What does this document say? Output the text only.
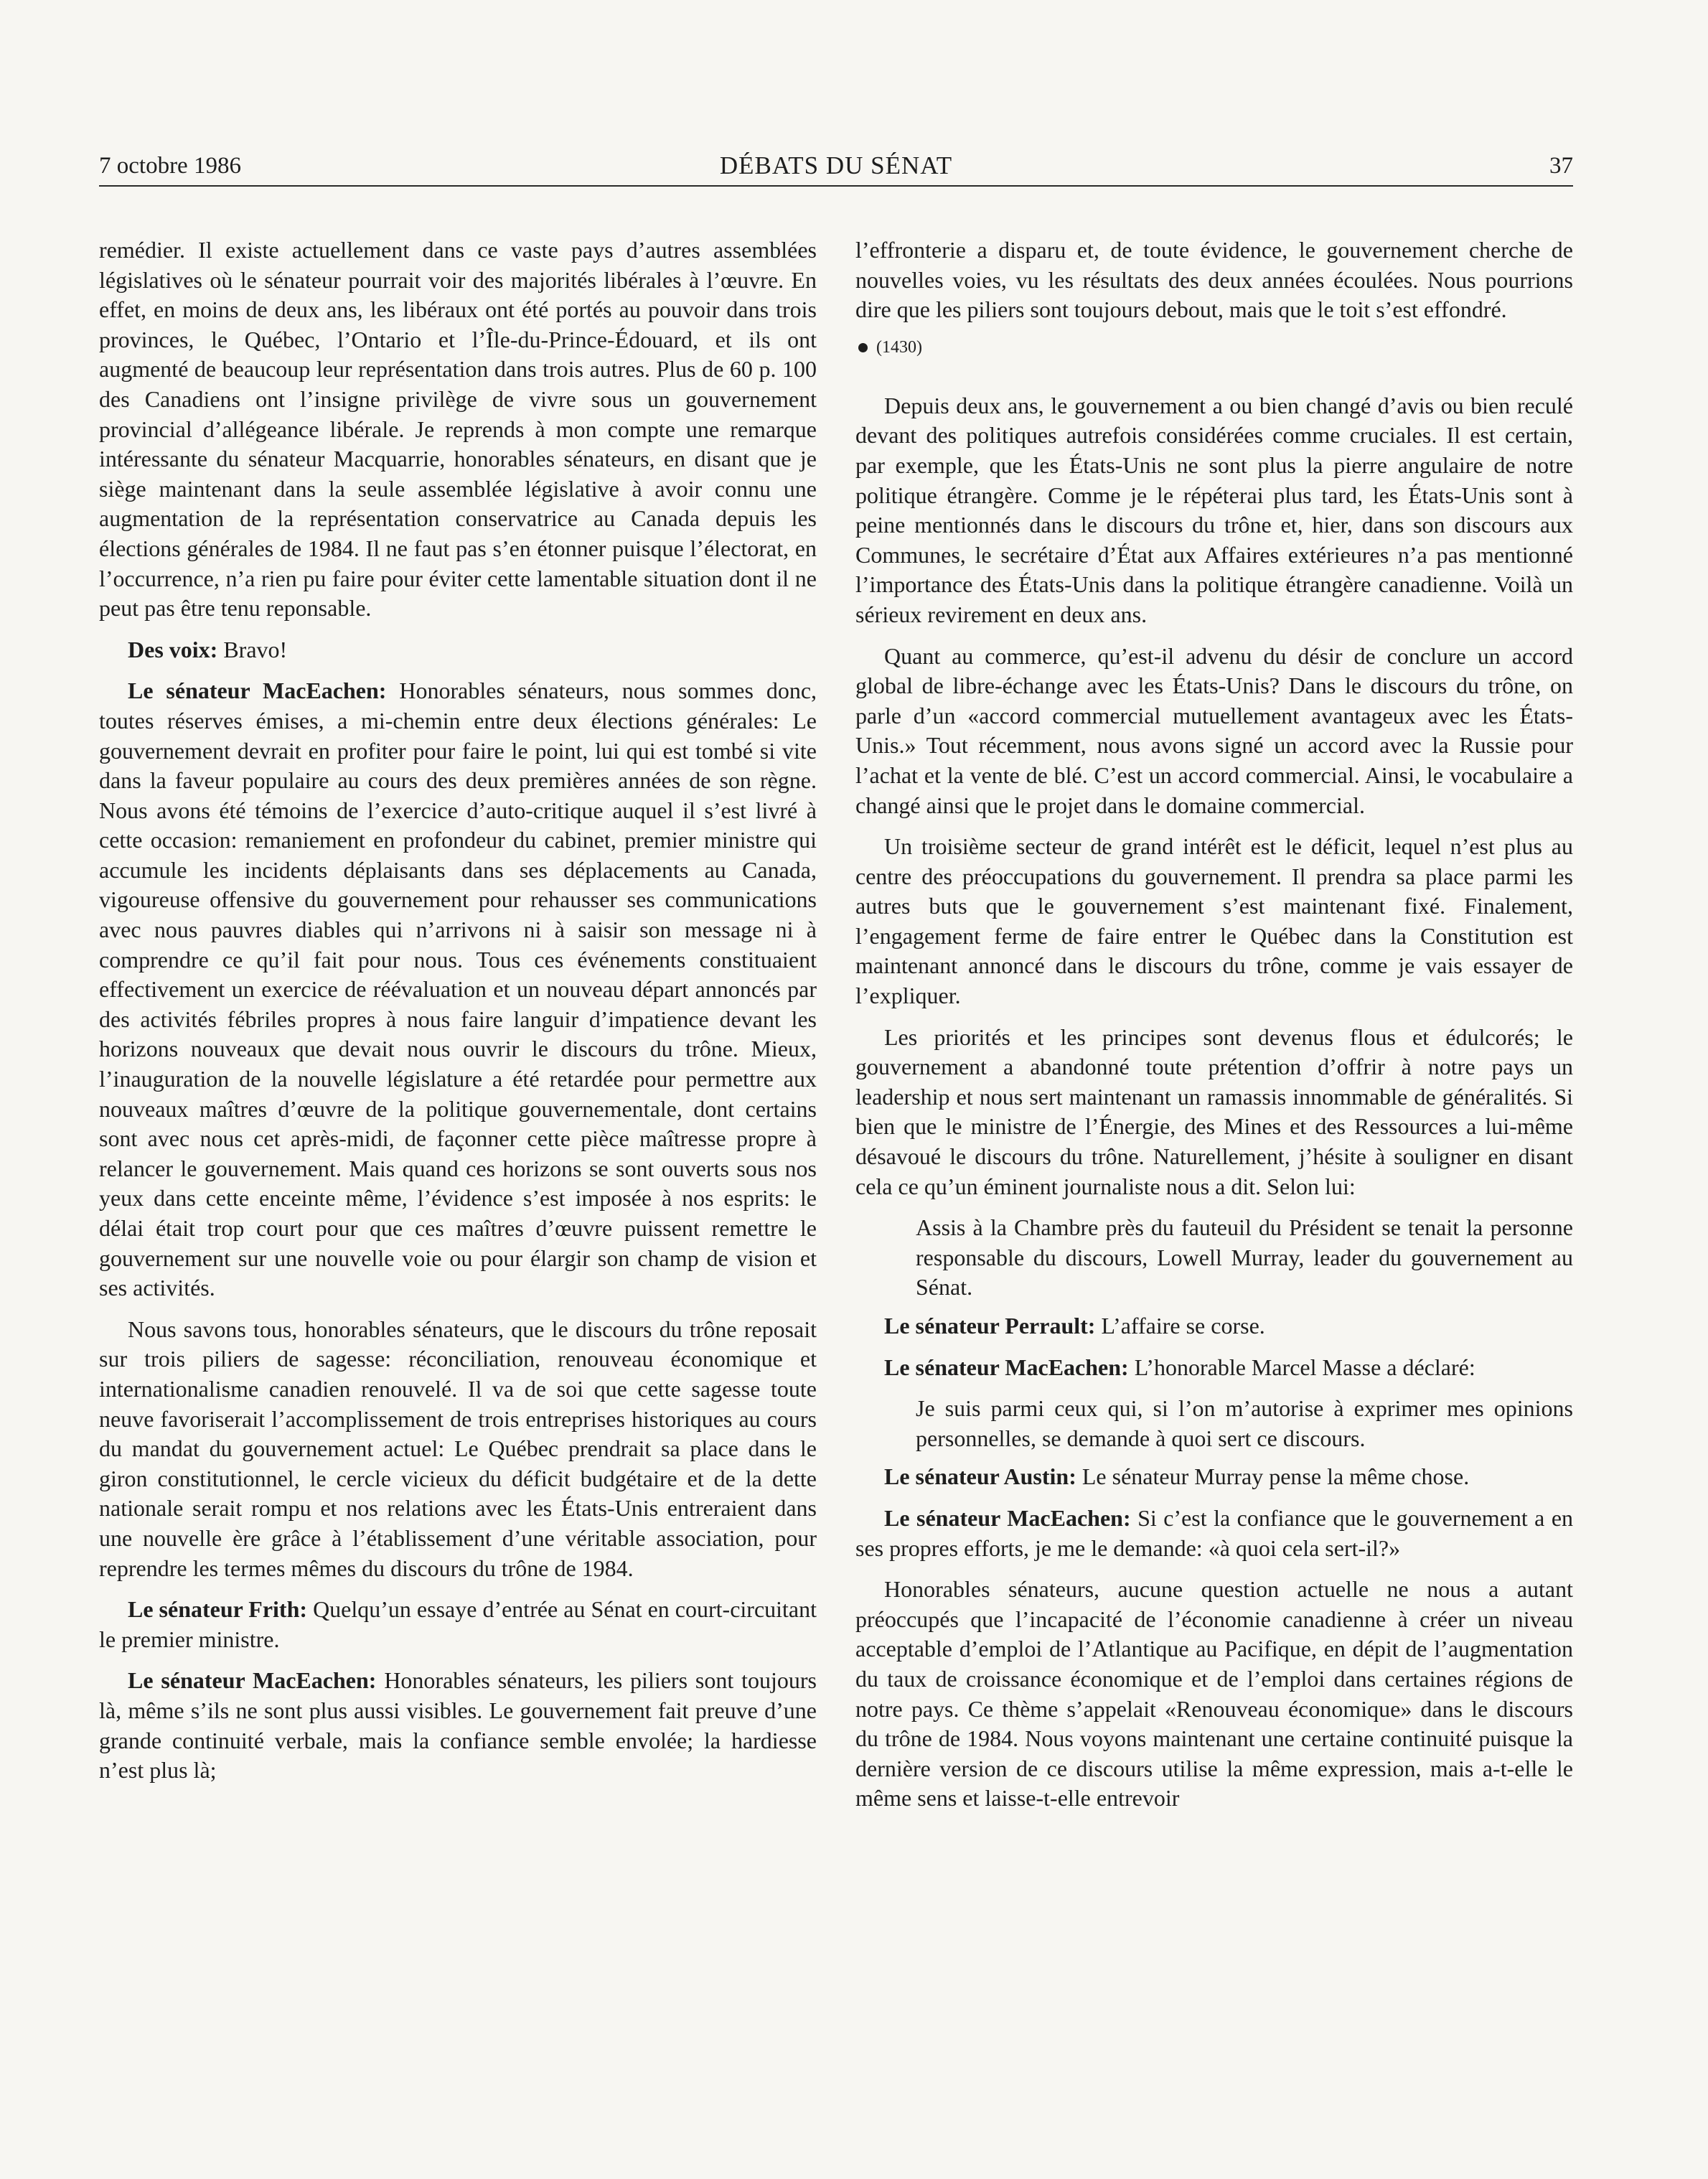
7 octobre 1986	DÉBATS DU SÉNAT	37

remédier. Il existe actuellement dans ce vaste pays d’autres assemblées législatives où le sénateur pourrait voir des majorités libérales à l’œuvre. En effet, en moins de deux ans, les libéraux ont été portés au pouvoir dans trois provinces, le Québec, l’Ontario et l’Île-du-Prince-Édouard, et ils ont augmenté de beaucoup leur représentation dans trois autres. Plus de 60 p. 100 des Canadiens ont l’insigne privilège de vivre sous un gouvernement provincial d’allégeance libérale. Je reprends à mon compte une remarque intéressante du sénateur Macquarrie, honorables sénateurs, en disant que je siège maintenant dans la seule assemblée législative à avoir connu une augmentation de la représentation conservatrice au Canada depuis les élections générales de 1984. Il ne faut pas s’en étonner puisque l’électorat, en l’occurrence, n’a rien pu faire pour éviter cette lamentable situation dont il ne peut pas être tenu reponsable.

Des voix: Bravo!

Le sénateur MacEachen: Honorables sénateurs, nous sommes donc, toutes réserves émises, a mi-chemin entre deux élections générales: Le gouvernement devrait en profiter pour faire le point, lui qui est tombé si vite dans la faveur populaire au cours des deux premières années de son règne. Nous avons été témoins de l’exercice d’auto-critique auquel il s’est livré à cette occasion: remaniement en profondeur du cabinet, premier ministre qui accumule les incidents déplaisants dans ses déplacements au Canada, vigoureuse offensive du gouvernement pour rehausser ses communications avec nous pauvres diables qui n’arrivons ni à saisir son message ni à comprendre ce qu’il fait pour nous. Tous ces événements constituaient effectivement un exercice de réévaluation et un nouveau départ annoncés par des activités fébriles propres à nous faire languir d’impatience devant les horizons nouveaux que devait nous ouvrir le discours du trône. Mieux, l’inauguration de la nouvelle législature a été retardée pour permettre aux nouveaux maîtres d’œuvre de la politique gouvernementale, dont certains sont avec nous cet après-midi, de façonner cette pièce maîtresse propre à relancer le gouvernement. Mais quand ces horizons se sont ouverts sous nos yeux dans cette enceinte même, l’évidence s’est imposée à nos esprits: le délai était trop court pour que ces maîtres d’œuvre puissent remettre le gouvernement sur une nouvelle voie ou pour élargir son champ de vision et ses activités.

Nous savons tous, honorables sénateurs, que le discours du trône reposait sur trois piliers de sagesse: réconciliation, renouveau économique et internationalisme canadien renouvelé. Il va de soi que cette sagesse toute neuve favoriserait l’accomplissement de trois entreprises historiques au cours du mandat du gouvernement actuel: Le Québec prendrait sa place dans le giron constitutionnel, le cercle vicieux du déficit budgétaire et de la dette nationale serait rompu et nos relations avec les États-Unis entreraient dans une nouvelle ère grâce à l’établissement d’une véritable association, pour reprendre les termes mêmes du discours du trône de 1984.

Le sénateur Frith: Quelqu’un essaye d’entrée au Sénat en court-circuitant le premier ministre.

Le sénateur MacEachen: Honorables sénateurs, les piliers sont toujours là, même s’ils ne sont plus aussi visibles. Le gouvernement fait preuve d’une grande continuité verbale, mais la confiance semble envolée; la hardiesse n’est plus là;

l’effronterie a disparu et, de toute évidence, le gouvernement cherche de nouvelles voies, vu les résultats des deux années écoulées. Nous pourrions dire que les piliers sont toujours debout, mais que le toit s’est effondré.

(1430)

Depuis deux ans, le gouvernement a ou bien changé d’avis ou bien reculé devant des politiques autrefois considérées comme cruciales. Il est certain, par exemple, que les États-Unis ne sont plus la pierre angulaire de notre politique étrangère. Comme je le répéterai plus tard, les États-Unis sont à peine mentionnés dans le discours du trône et, hier, dans son discours aux Communes, le secrétaire d’État aux Affaires extérieures n’a pas mentionné l’importance des États-Unis dans la politique étrangère canadienne. Voilà un sérieux revirement en deux ans.

Quant au commerce, qu’est-il advenu du désir de conclure un accord global de libre-échange avec les États-Unis? Dans le discours du trône, on parle d’un «accord commercial mutuellement avantageux avec les États-Unis.» Tout récemment, nous avons signé un accord avec la Russie pour l’achat et la vente de blé. C’est un accord commercial. Ainsi, le vocabulaire a changé ainsi que le projet dans le domaine commercial.

Un troisième secteur de grand intérêt est le déficit, lequel n’est plus au centre des préoccupations du gouvernement. Il prendra sa place parmi les autres buts que le gouvernement s’est maintenant fixé. Finalement, l’engagement ferme de faire entrer le Québec dans la Constitution est maintenant annoncé dans le discours du trône, comme je vais essayer de l’expliquer.

Les priorités et les principes sont devenus flous et édulcorés; le gouvernement a abandonné toute prétention d’offrir à notre pays un leadership et nous sert maintenant un ramassis innommable de généralités. Si bien que le ministre de l’Énergie, des Mines et des Ressources a lui-même désavoué le discours du trône. Naturellement, j’hésite à souligner en disant cela ce qu’un éminent journaliste nous a dit. Selon lui:

Assis à la Chambre près du fauteuil du Président se tenait la personne responsable du discours, Lowell Murray, leader du gouvernement au Sénat.

Le sénateur Perrault: L’affaire se corse.

Le sénateur MacEachen: L’honorable Marcel Masse a déclaré:

Je suis parmi ceux qui, si l’on m’autorise à exprimer mes opinions personnelles, se demande à quoi sert ce discours.

Le sénateur Austin: Le sénateur Murray pense la même chose.

Le sénateur MacEachen: Si c’est la confiance que le gouvernement a en ses propres efforts, je me le demande: «à quoi cela sert-il?»

Honorables sénateurs, aucune question actuelle ne nous a autant préoccupés que l’incapacité de l’économie canadienne à créer un niveau acceptable d’emploi de l’Atlantique au Pacifique, en dépit de l’augmentation du taux de croissance économique et de l’emploi dans certaines régions de notre pays. Ce thème s’appelait «Renouveau économique» dans le discours du trône de 1984. Nous voyons maintenant une certaine continuité puisque la dernière version de ce discours utilise la même expression, mais a-t-elle le même sens et laisse-t-elle entrevoir
